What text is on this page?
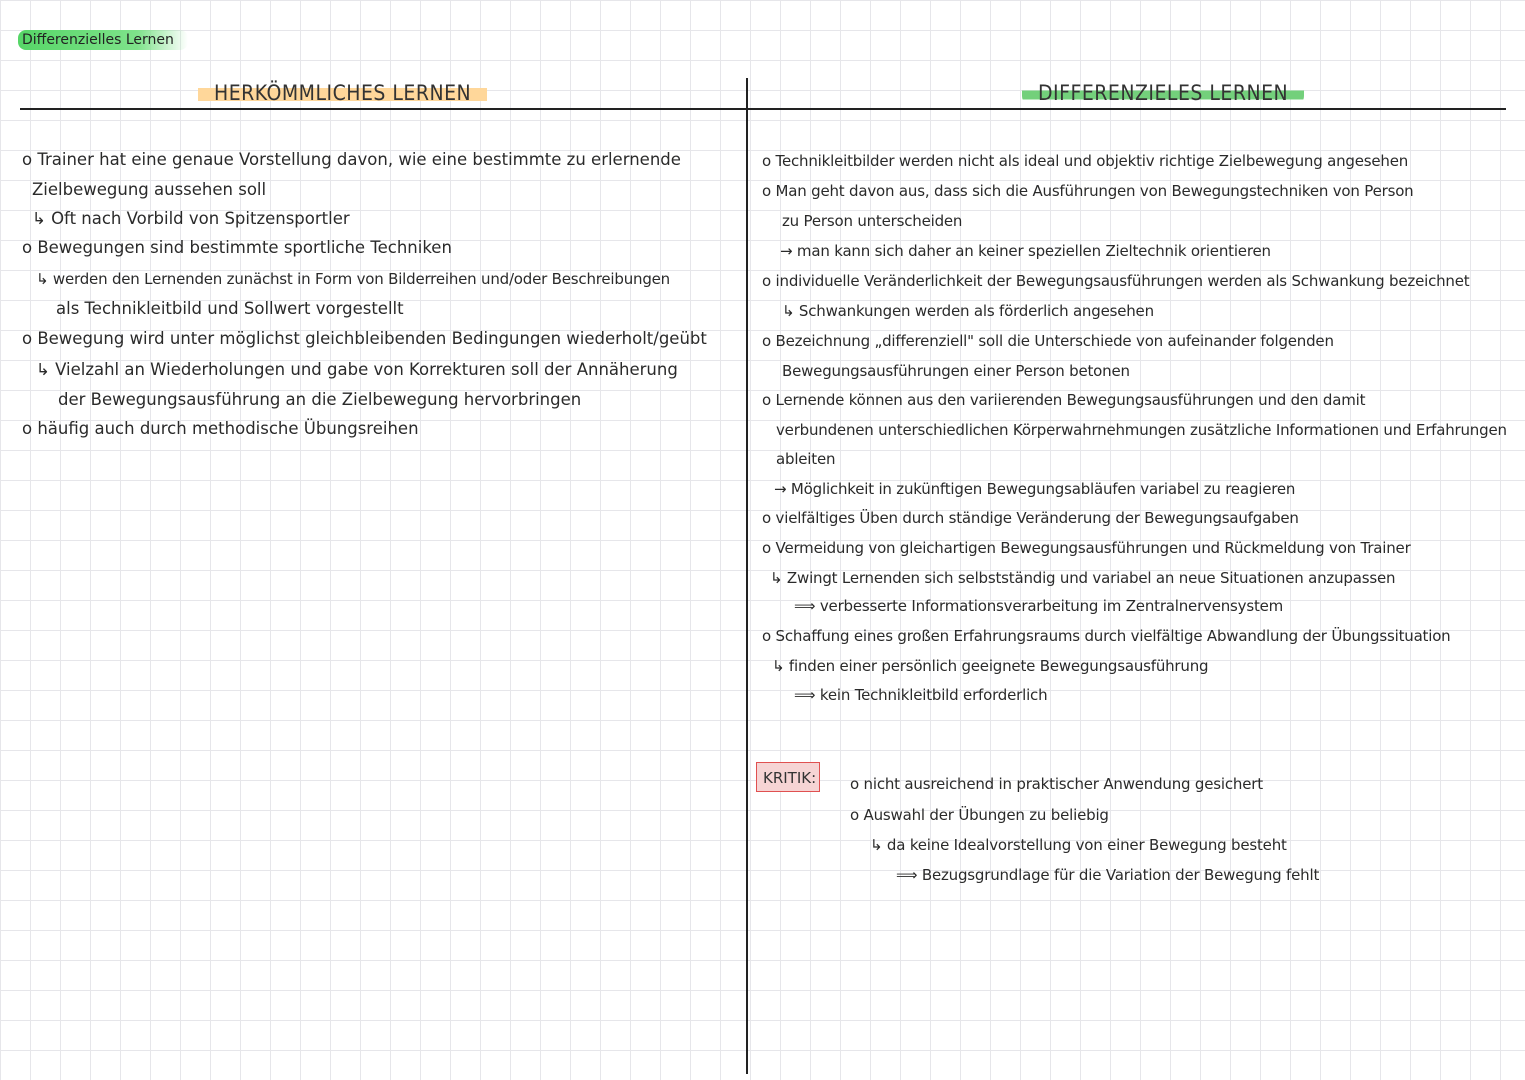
Differenzielles Lernen
HERKÖMMLICHES LERNEN	DIFFERENZIELES LERNEN
o Trainer hat eine genaue Vorstellung davon, wie eine bestimmte zu erlernende
Zielbewegung aussehen soll
↳ Oft nach Vorbild von Spitzensportler
o Bewegungen sind bestimmte sportliche Techniken
↳ werden den Lernenden zunächst in Form von Bilderreihen und/oder Beschreibungen
als Technikleitbild und Sollwert vorgestellt
o Bewegung wird unter möglichst gleichbleibenden Bedingungen wiederholt/geübt
↳ Vielzahl an Wiederholungen und gabe von Korrekturen soll der Annäherung
der Bewegungsausführung an die Zielbewegung hervorbringen
o häufig auch durch methodische Übungsreihen
o Technikleitbilder werden nicht als ideal und objektiv richtige Zielbewegung angesehen
o Man geht davon aus, dass sich die Ausführungen von Bewegungstechniken von Person
zu Person unterscheiden
→ man kann sich daher an keiner speziellen Zieltechnik orientieren
o individuelle Veränderlichkeit der Bewegungsausführungen werden als Schwankung bezeichnet
↳ Schwankungen werden als förderlich angesehen
o Bezeichnung „differenziell" soll die Unterschiede von aufeinander folgenden
Bewegungsausführungen einer Person betonen
o Lernende können aus den variierenden Bewegungsausführungen und den damit
verbundenen unterschiedlichen Körperwahrnehmungen zusätzliche Informationen und Erfahrungen
ableiten
→ Möglichkeit in zukünftigen Bewegungsabläufen variabel zu reagieren
o vielfältiges Üben durch ständige Veränderung der Bewegungsaufgaben
o Vermeidung von gleichartigen Bewegungsausführungen und Rückmeldung von Trainer
↳ Zwingt Lernenden sich selbstständig und variabel an neue Situationen anzupassen
⟹ verbesserte Informationsverarbeitung im Zentralnervensystem
o Schaffung eines großen Erfahrungsraums durch vielfältige Abwandlung der Übungssituation
↳ finden einer persönlich geeignete Bewegungsausführung
⟹ kein Technikleitbild erforderlich
KRITIK: o nicht ausreichend in praktischer Anwendung gesichert
o Auswahl der Übungen zu beliebig
↳ da keine Idealvorstellung von einer Bewegung besteht
⟹ Bezugsgrundlage für die Variation der Bewegung fehlt
